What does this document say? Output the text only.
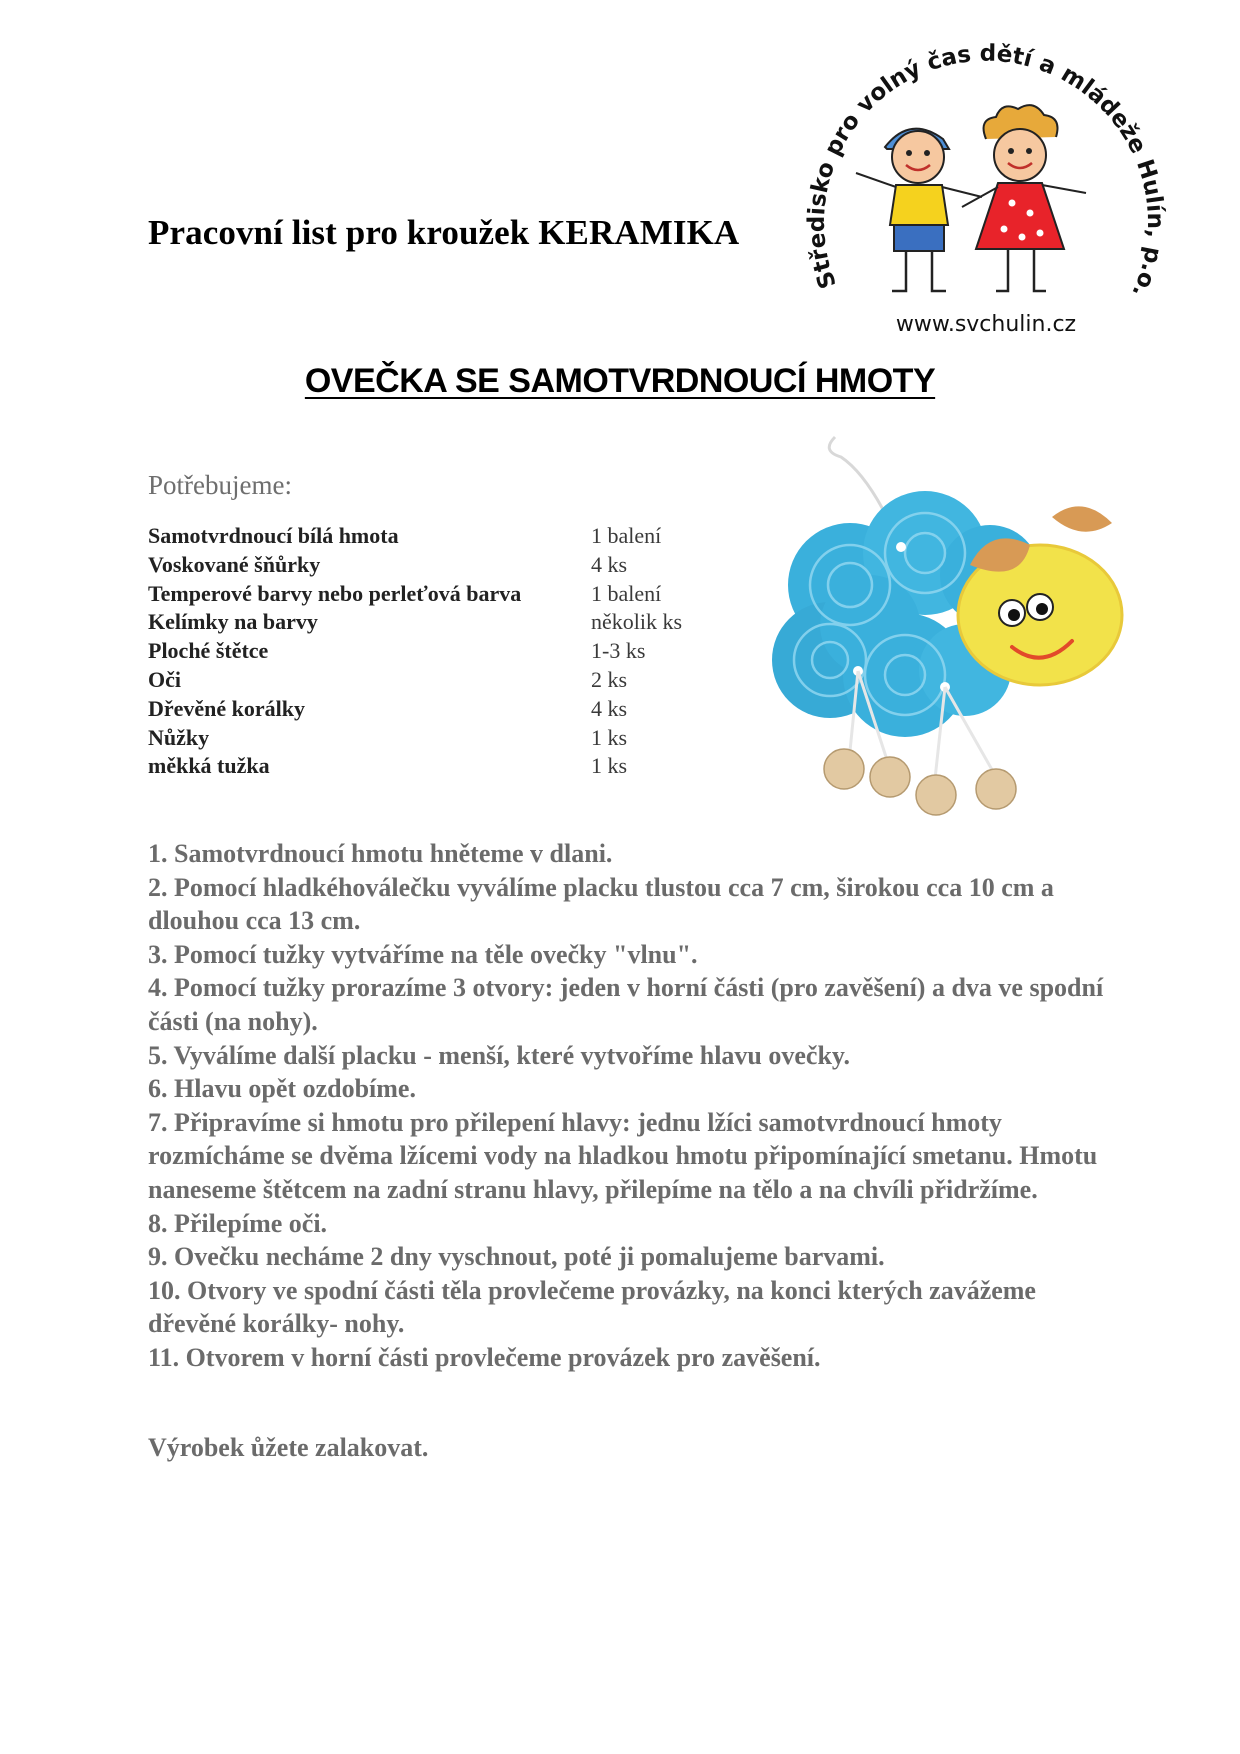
Pracovní list pro kroužek KERAMIKA
Středisko pro volný čas dětí a mládeže Hulín, p.o.
www.svchulin.cz
OVEČKA SE SAMOTVRDNOUCÍ HMOTY
Potřebujeme:
Samotvrdnoucí bílá hmota	1 balení
Voskované šňůrky	4 ks
Temperové barvy nebo perleťová barva	1 balení
Kelímky na barvy	několik ks
Ploché štětce	1-3 ks
Oči	2 ks
Dřevěné korálky	4 ks
Nůžky	1 ks
měkká tužka	1 ks

1. Samotvrdnoucí hmotu hněteme v dlani.

2. Pomocí hladkéhoválečku vyválíme placku tlustou cca 7 cm, širokou cca 10 cm a dlouhou cca 13 cm.

3. Pomocí tužky vytváříme na těle ovečky "vlnu".

4. Pomocí tužky prorazíme 3 otvory: jeden v horní části (pro zavěšení) a dva ve spodní části (na nohy).

5. Vyválíme další placku - menší, které vytvoříme hlavu ovečky.

6. Hlavu opět ozdobíme.

7. Připravíme si hmotu pro přilepení hlavy: jednu lžíci samotvrdnoucí hmoty rozmícháme se dvěma lžícemi vody na hladkou hmotu připomínající smetanu. Hmotu naneseme štětcem na zadní stranu hlavy, přilepíme na tělo a na chvíli přidržíme.

8. Přilepíme oči.

9. Ovečku necháme 2 dny vyschnout, poté ji pomalujeme barvami.

10. Otvory ve spodní části těla provlečeme provázky, na konci kterých zavážeme dřevěné korálky- nohy.

11. Otvorem v horní části provlečeme provázek pro zavěšení.

Výrobek ůžete zalakovat.
